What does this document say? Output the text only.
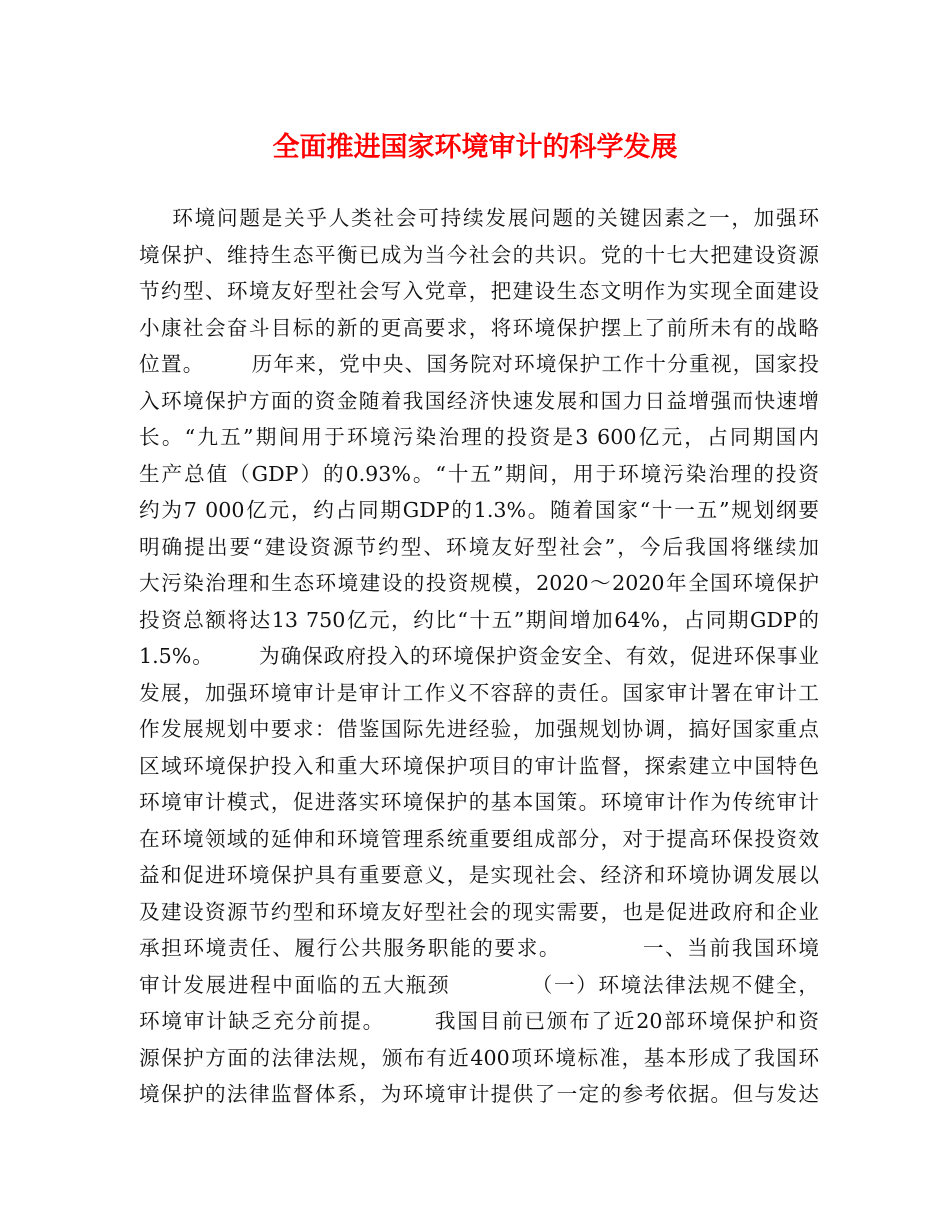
全面推进国家环境审计的科学发展
环境问题是关乎人类社会可持续发展问题的关键因素之一，加强环
境保护、维持生态平衡已成为当今社会的共识。党的十七大把建设资源
节约型、环境友好型社会写入党章，把建设生态文明作为实现全面建设
小康社会奋斗目标的新的更高要求，将环境保护摆上了前所未有的战略
位置。      历年来，党中央、国务院对环境保护工作十分重视，国家投
入环境保护方面的资金随着我国经济快速发展和国力日益增强而快速增
长。“九五”期间用于环境污染治理的投资是3 600亿元，占同期国内
生产总值（GDP）的0.93%。“十五”期间，用于环境污染治理的投资
约为7 000亿元，约占同期GDP的1.3%。随着国家“十一五”规划纲要
明确提出要“建设资源节约型、环境友好型社会”，今后我国将继续加
大污染治理和生态环境建设的投资规模，2020～2020年全国环境保护
投资总额将达13 750亿元，约比“十五”期间增加64%，占同期GDP的
1.5%。      为确保政府投入的环境保护资金安全、有效，促进环保事业
发展，加强环境审计是审计工作义不容辞的责任。国家审计署在审计工
作发展规划中要求：借鉴国际先进经验，加强规划协调，搞好国家重点
区域环境保护投入和重大环境保护项目的审计监督，探索建立中国特色
环境审计模式，促进落实环境保护的基本国策。环境审计作为传统审计
在环境领域的延伸和环境管理系统重要组成部分，对于提高环保投资效
益和促进环境保护具有重要意义，是实现社会、经济和环境协调发展以
及建设资源节约型和环境友好型社会的现实需要，也是促进政府和企业
承担环境责任、履行公共服务职能的要求。          一、当前我国环境
审计发展进程中面临的五大瓶颈          （一）环境法律法规不健全，
环境审计缺乏充分前提。      我国目前已颁布了近20部环境保护和资
源保护方面的法律法规，颁布有近400项环境标准，基本形成了我国环
境保护的法律监督体系，为环境审计提供了一定的参考依据。但与发达
